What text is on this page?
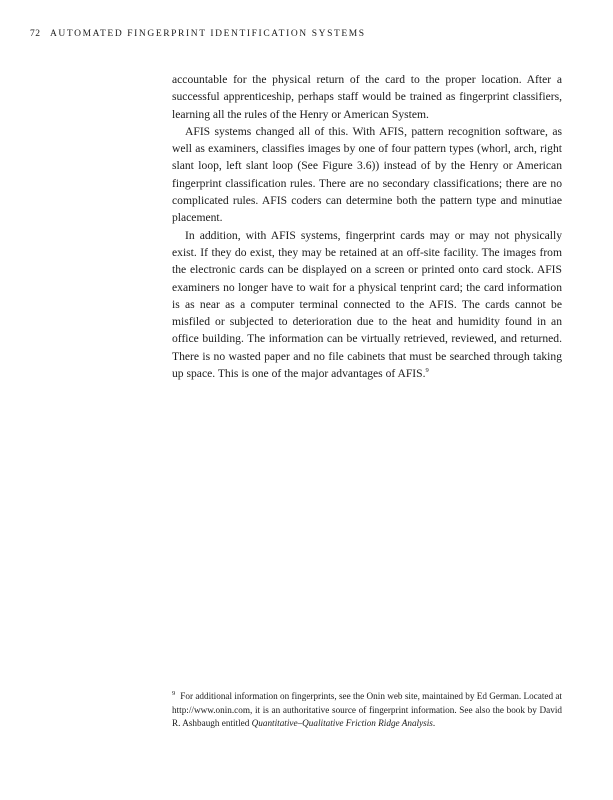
72 AUTOMATED FINGERPRINT IDENTIFICATION SYSTEMS

accountable for the physical return of the card to the proper location. After a successful apprenticeship, perhaps staff would be trained as fingerprint classifiers, learning all the rules of the Henry or American System.

AFIS systems changed all of this. With AFIS, pattern recognition software, as well as examiners, classifies images by one of four pattern types (whorl, arch, right slant loop, left slant loop (See Figure 3.6)) instead of by the Henry or American fingerprint classification rules. There are no secondary classifications; there are no complicated rules. AFIS coders can determine both the pattern type and minutiae placement.

In addition, with AFIS systems, fingerprint cards may or may not physically exist. If they do exist, they may be retained at an off-site facility. The images from the electronic cards can be displayed on a screen or printed onto card stock. AFIS examiners no longer have to wait for a physical tenprint card; the card information is as near as a computer terminal connected to the AFIS. The cards cannot be misfiled or subjected to deterioration due to the heat and humidity found in an office building. The information can be virtually retrieved, reviewed, and returned. There is no wasted paper and no file cabinets that must be searched through taking up space. This is one of the major advantages of AFIS.$^9$

$^9$ For additional information on fingerprints, see the Onin web site, maintained by Ed German. Located at http://www.onin.com, it is an authoritative source of fingerprint information. See also the book by David R. Ashbaugh entitled Quantitative–Qualitative Friction Ridge Analysis.
